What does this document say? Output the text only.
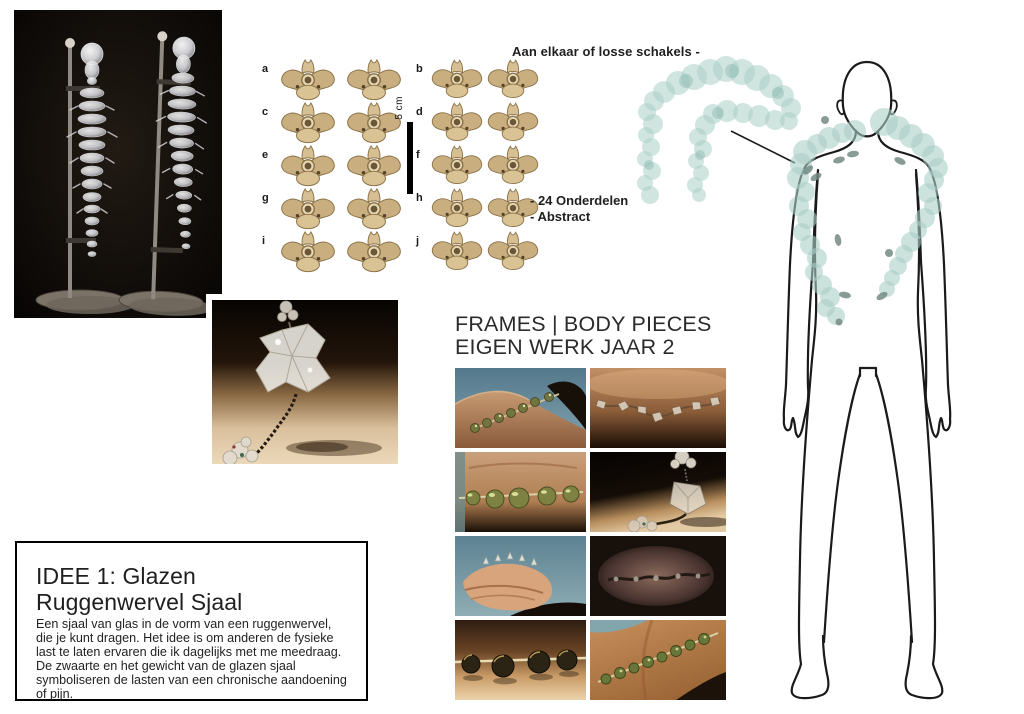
a
c
e
g
i
5 cm
b
d
f
h
j
Aan elkaar of losse schakels -
- 24 Onderdelen
- Abstract
FRAMES | BODY PIECES
EIGEN WERK JAAR 2
IDEE 1: Glazen Ruggenwervel Sjaal

Een sjaal van glas in de vorm van een ruggenwervel, die je kunt dragen. Het idee is om anderen de fysieke last te laten ervaren die ik dagelijks met me meedraag. De zwaarte en het gewicht van de glazen sjaal symboliseren de lasten van een chronische aandoening of pijn.
